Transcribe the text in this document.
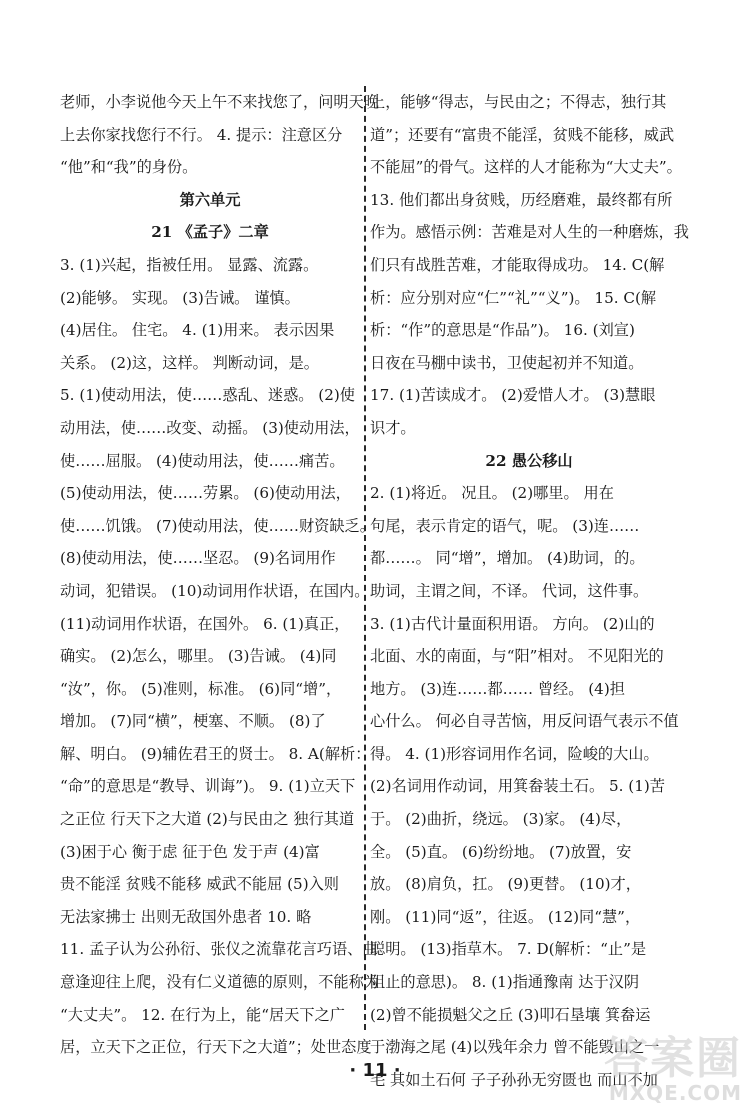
老师，小李说他今天上午不来找您了，问明天晚
上去你家找您行不行。 4. 提示：注意区分
“他”和“我”的身份。
第六单元
21 《孟子》二章
3. (1)兴起，指被任用。 显露、流露。
(2)能够。 实现。 (3)告诫。 谨慎。
(4)居住。 住宅。 4. (1)用来。 表示因果
关系。 (2)这，这样。 判断动词，是。
5. (1)使动用法，使……惑乱、迷惑。 (2)使
动用法，使……改变、动摇。 (3)使动用法，
使……屈服。 (4)使动用法，使……痛苦。
(5)使动用法，使……劳累。 (6)使动用法，
使……饥饿。 (7)使动用法，使……财资缺乏。
(8)使动用法，使……坚忍。 (9)名词用作
动词，犯错误。 (10)动词用作状语，在国内。
(11)动词用作状语，在国外。 6. (1)真正，
确实。 (2)怎么，哪里。 (3)告诫。 (4)同
“汝”，你。 (5)准则，标准。 (6)同“增”，
增加。 (7)同“横”，梗塞、不顺。 (8)了
解、明白。 (9)辅佐君王的贤士。 8. A(解析：
“命”的意思是“教导、训诲”)。 9. (1)立天下
之正位 行天下之大道 (2)与民由之 独行其道
(3)困于心 衡于虑 征于色 发于声 (4)富
贵不能淫 贫贱不能移 威武不能屈 (5)入则
无法家拂士 出则无敌国外患者 10. 略
11. 孟子认为公孙衍、张仪之流靠花言巧语、曲
意逢迎往上爬，没有仁义道德的原则，不能称为
“大丈夫”。 12. 在行为上，能“居天下之广
居，立天下之正位，行天下之大道”；处世态度
上，能够“得志，与民由之；不得志，独行其
道”；还要有“富贵不能淫，贫贱不能移，威武
不能屈”的骨气。这样的人才能称为“大丈夫”。
13. 他们都出身贫贱，历经磨难，最终都有所
作为。感悟示例：苦难是对人生的一种磨炼，我
们只有战胜苦难，才能取得成功。 14. C(解
析：应分别对应“仁”“礼”“义”)。 15. C(解
析：“作”的意思是“作品”)。 16. (刘宣)
日夜在马棚中读书，卫使起初并不知道。
17. (1)苦读成才。 (2)爱惜人才。 (3)慧眼
识才。
22 愚公移山
2. (1)将近。 况且。 (2)哪里。 用在
句尾，表示肯定的语气，呢。 (3)连……
都……。 同“增”，增加。 (4)助词，的。
助词，主谓之间，不译。 代词，这件事。
3. (1)古代计量面积用语。 方向。 (2)山的
北面、水的南面，与“阳”相对。 不见阳光的
地方。 (3)连……都…… 曾经。 (4)担
心什么。 何必自寻苦恼，用反问语气表示不值
得。 4. (1)形容词用作名词，险峻的大山。
(2)名词用作动词，用箕畚装土石。 5. (1)苦
于。 (2)曲折，绕远。 (3)家。 (4)尽，
全。 (5)直。 (6)纷纷地。 (7)放置，安
放。 (8)肩负，扛。 (9)更替。 (10)才，
刚。 (11)同“返”，往返。 (12)同“慧”，
聪明。 (13)指草木。 7. D(解析：“止”是
阻止的意思)。 8. (1)指通豫南 达于汉阴
(2)曾不能损魁父之丘 (3)叩石垦壤 箕畚运
于渤海之尾 (4)以残年余力 曾不能毁山之一
毛 其如土石何 子子孙孙无穷匮也 而山不加
· 11 ·	答案圈
MXQE.COM
